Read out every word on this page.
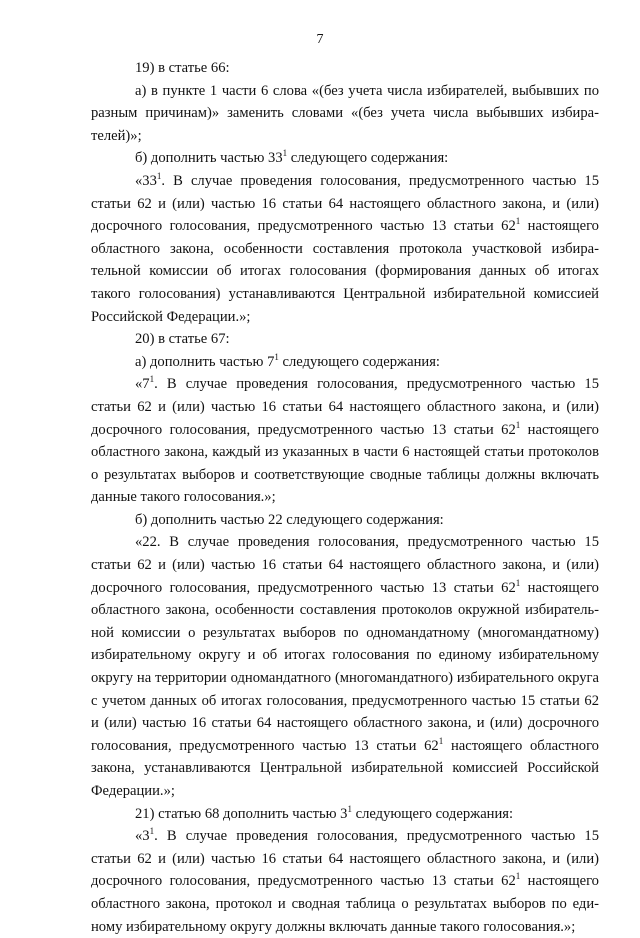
7

19) в статье 66:

а) в пункте 1 части 6 слова «(без учета числа избирателей, выбывших по разным причинам)» заменить словами «(без учета числа выбывших избира-телей)»;

б) дополнить частью $33^1$ следующего содержания:

«$33^1$. В случае проведения голосования, предусмотренного частью 15 статьи 62 и (или) частью 16 статьи 64 настоящего областного закона, и (или) досрочного голосования, предусмотренного частью 13 статьи $62^1$ настоящего областного закона, особенности составления протокола участковой избира-тельной комиссии об итогах голосования (формирования данных об итогах такого голосования) устанавливаются Центральной избирательной комиссией Российской Федерации.»;

20) в статье 67:

а) дополнить частью $7^1$ следующего содержания:

«$7^1$. В случае проведения голосования, предусмотренного частью 15 статьи 62 и (или) частью 16 статьи 64 настоящего областного закона, и (или) досрочного голосования, предусмотренного частью 13 статьи $62^1$ настоящего областного закона, каждый из указанных в части 6 настоящей статьи протоколов о результатах выборов и соответствующие сводные таблицы должны включать данные такого голосования.»;

б) дополнить частью 22 следующего содержания:

«22. В случае проведения голосования, предусмотренного частью 15 статьи 62 и (или) частью 16 статьи 64 настоящего областного закона, и (или) досрочного голосования, предусмотренного частью 13 статьи $62^1$ настоящего областного закона, особенности составления протоколов окружной избиратель-ной комиссии о результатах выборов по одномандатному (многомандатному) избирательному округу и об итогах голосования по единому избирательному округу на территории одномандатного (многомандатного) избирательного округа с учетом данных об итогах голосования, предусмотренного частью 15 статьи 62 и (или) частью 16 статьи 64 настоящего областного закона, и (или) досрочного голосования, предусмотренного частью 13 статьи $62^1$ настоящего областного закона, устанавливаются Центральной избирательной комиссией Российской Федерации.»;

21) статью 68 дополнить частью $3^1$ следующего содержания:

«$3^1$. В случае проведения голосования, предусмотренного частью 15 статьи 62 и (или) частью 16 статьи 64 настоящего областного закона, и (или) досрочного голосования, предусмотренного частью 13 статьи $62^1$ настоящего областного закона, протокол и сводная таблица о результатах выборов по еди-ному избирательному округу должны включать данные такого голосования.»;
